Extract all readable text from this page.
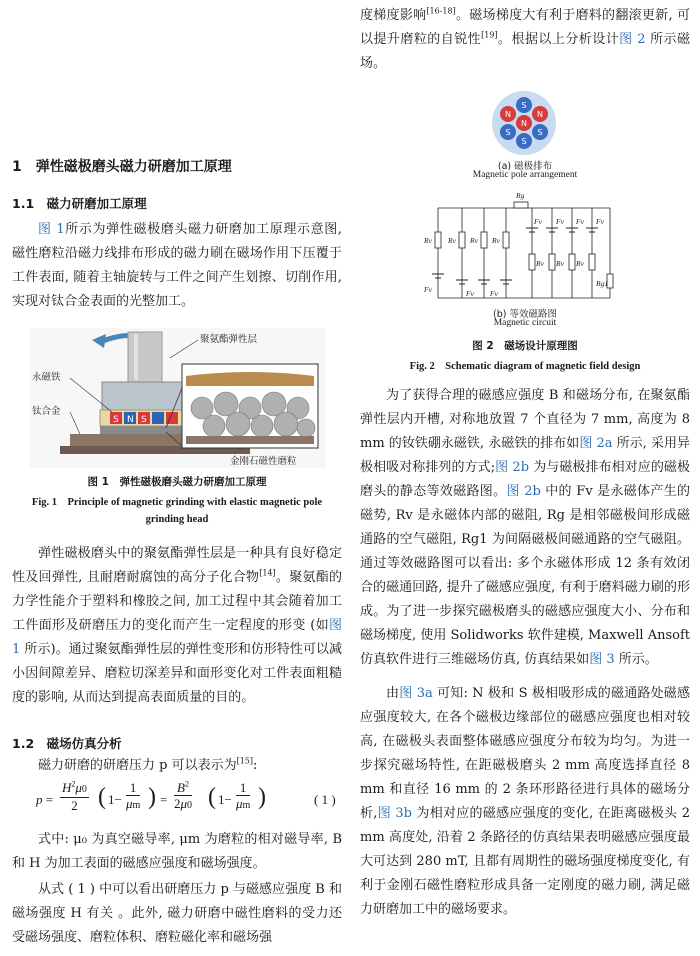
1　弹性磁极磨头磁力研磨加工原理
1.1　磁力研磨加工原理

图 1所示为弹性磁极磨头磁力研磨加工原理示意图, 磁性磨粒沿磁力线排布形成的磁力刷在磁场作用下压覆于工件表面, 随着主轴旋转与工件之间产生划擦、切削作用, 实现对钛合金表面的光整加工。

S N S
聚氨酯弹性层
永磁铁
钛合金
金刚石磁性磨粒
图 1　弹性磁极磨头磁力研磨加工原理
Fig. 1　Principle of magnetic grinding with elastic magnetic pole grinding head

弹性磁极磨头中的聚氨酯弹性层是一种具有良好稳定性及回弹性, 且耐磨耐腐蚀的高分子化合物[14]。聚氨酯的力学性能介于塑料和橡胶之间, 加工过程中其会随着加工工件面形及研磨压力的变化而产生一定程度的形变 (如图 1 所示)。通过聚氨酯弹性层的弹性变形和仿形特性可以减小因间隙差异、磨粒切深差异和面形变化对工件表面粗糙度的影响, 从而达到提高表面质量的目的。

1.2　磁场仿真分析

磁力研磨的研磨压力 p 可以表示为[15]:

$p = \frac{H^2\mu 0}{2}$ ( $1- \frac{1}{\mu m}$ ) = $\frac{B^2}{2\mu 0}$ ( $1- \frac{1}{\mu m}$ )	( 1 )

式中: μ₀ 为真空磁导率, μm 为磨粒的相对磁导率, B 和 H 为加工表面的磁感应强度和磁场强度。

从式 ( 1 ) 中可以看出研磨压力 p 与磁感应强度 B 和磁场强度 H 有关 。此外, 磁力研磨中磁性磨料的受力还受磁场强度、磨粒体积、磨粒磁化率和磁场强

度梯度影响[16-18]。磁场梯度大有利于磨料的翻滚更新, 可以提升磨粒的自锐性[19]。根据以上分析设计图 2 所示磁场。

S
N	N
N
S	S
S
(a) 磁极排布
Magnetic pole arrangement
Rg
Rv Rv Rv Rv
Fv	Fv Fv
Fv Fv Fv Fv
Rv Rv Rv
Rg1
(b) 等效磁路图
Magnetic circuit
图 2　磁场设计原理图
Fig. 2　Schematic diagram of magnetic field design

为了获得合理的磁感应强度 B 和磁场分布, 在聚氨酯弹性层内开槽, 对称地放置 7 个直径为 7 mm, 高度为 8 mm 的钕铁硼永磁铁, 永磁铁的排布如图 2a 所示, 采用异极相吸对称排列的方式;图 2b 为与磁极排布相对应的磁极磨头的静态等效磁路图。图 2b 中的 Fv 是永磁体产生的磁势, Rv 是永磁体内部的磁阻, Rg 是相邻磁极间形成磁通路的空气磁阻, Rg1 为间隔磁极间磁通路的空气磁阻。通过等效磁路图可以看出: 多个永磁体形成 12 条有效闭合的磁通回路, 提升了磁感应强度, 有利于磨料磁力刷的形成。为了进一步探究磁极磨头的磁感应强度大小、分布和磁场梯度, 使用 Solidworks 软件建模, Maxwell Ansoft 仿真软件进行三维磁场仿真, 仿真结果如图 3 所示。

由图 3a 可知: N 极和 S 极相吸形成的磁通路处磁感应强度较大, 在各个磁极边缘部位的磁感应强度也相对较高, 在磁极头表面整体磁感应强度分布较为均匀。为进一步探究磁场特性, 在距磁极磨头 2 mm 高度选择直径 8 mm 和直径 16 mm 的 2 条环形路径进行具体的磁场分析,图 3b 为相对应的磁感应强度的变化, 在距离磁极头 2 mm 高度处, 沿着 2 条路径的仿真结果表明磁感应强度最大可达到 280 mT, 且都有周期性的磁场强度梯度变化, 有利于金刚石磁性磨粒形成具备一定刚度的磁力刷, 满足磁力研磨加工中的磁场要求。
